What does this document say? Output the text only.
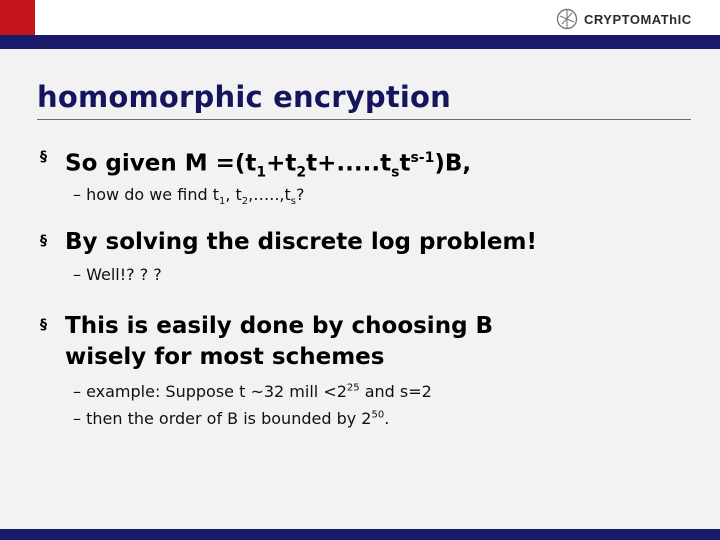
CRYPTOMAThIC
homomorphic encryption
§ So given $M =(t_1+t_2t+.....t_st^{s-1})B$,
– how do we find $t_1$, $t_2,\dots..,t_s$?
§ By solving the discrete log problem!
– Well!? ? ?
§ This is easily done by choosing B
wisely for most schemes
– example: Suppose t ~32 mill $<2^{25}$ and s=2
– then the order of B is bounded by $2^{50}$.
